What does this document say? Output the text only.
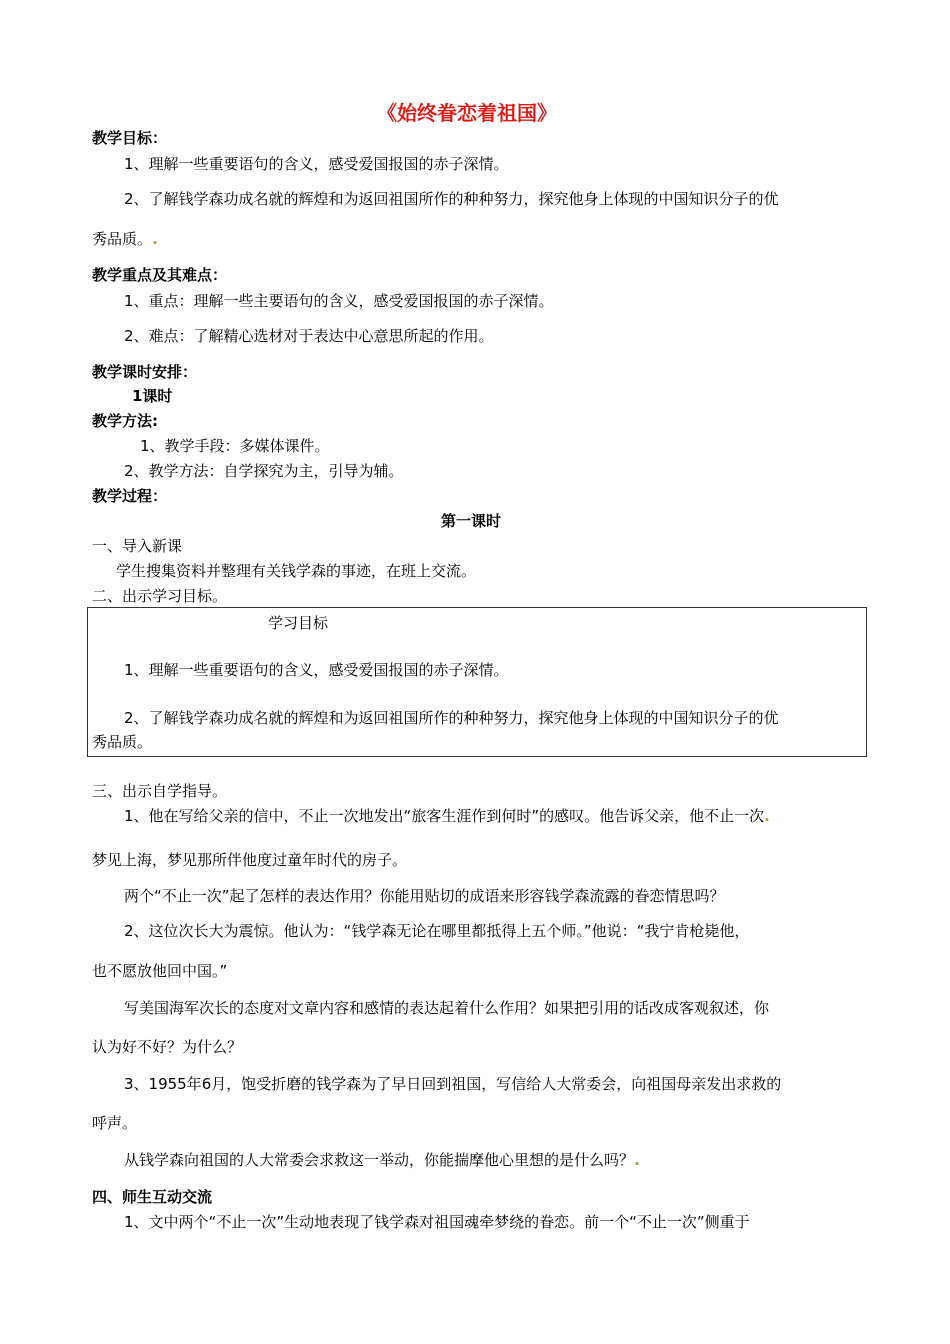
《始终眷恋着祖国》
教学目标：
1、理解一些重要语句的含义，感受爱国报国的赤子深情。
2、了解钱学森功成名就的辉煌和为返回祖国所作的种种努力，探究他身上体现的中国知识分子的优
秀品质。.
教学重点及其难点：
1、重点：理解一些主要语句的含义，感受爱国报国的赤子深情。
2、难点：了解精心选材对于表达中心意思所起的作用。
教学课时安排：
1课时
教学方法:
1、教学手段：多媒体课件。
2、教学方法：自学探究为主，引导为辅。
教学过程：
第一课时
一、导入新课
学生搜集资料并整理有关钱学森的事迹，在班上交流。
二、出示学习目标。
学习目标
1、理解一些重要语句的含义，感受爱国报国的赤子深情。
2、了解钱学森功成名就的辉煌和为返回祖国所作的种种努力，探究他身上体现的中国知识分子的优
秀品质。
三、出示自学指导。
1、他在写给父亲的信中，不止一次地发出“旅客生涯作到何时”的感叹。他告诉父亲，他不止一次.
梦见上海，梦见那所伴他度过童年时代的房子。
两个“不止一次”起了怎样的表达作用？你能用贴切的成语来形容钱学森流露的眷恋情思吗？
2、这位次长大为震惊。他认为：“钱学森无论在哪里都抵得上五个师。”他说：“我宁肯枪毙他，
也不愿放他回中国。”
写美国海军次长的态度对文章内容和感情的表达起着什么作用？如果把引用的话改成客观叙述，你
认为好不好？为什么？
3、1955年6月，饱受折磨的钱学森为了早日回到祖国，写信给人大常委会，向祖国母亲发出求救的
呼声。
从钱学森向祖国的人大常委会求救这一举动，你能揣摩他心里想的是什么吗？.
四、师生互动交流
1、文中两个“不止一次”生动地表现了钱学森对祖国魂牵梦绕的眷恋。前一个“不止一次”侧重于
